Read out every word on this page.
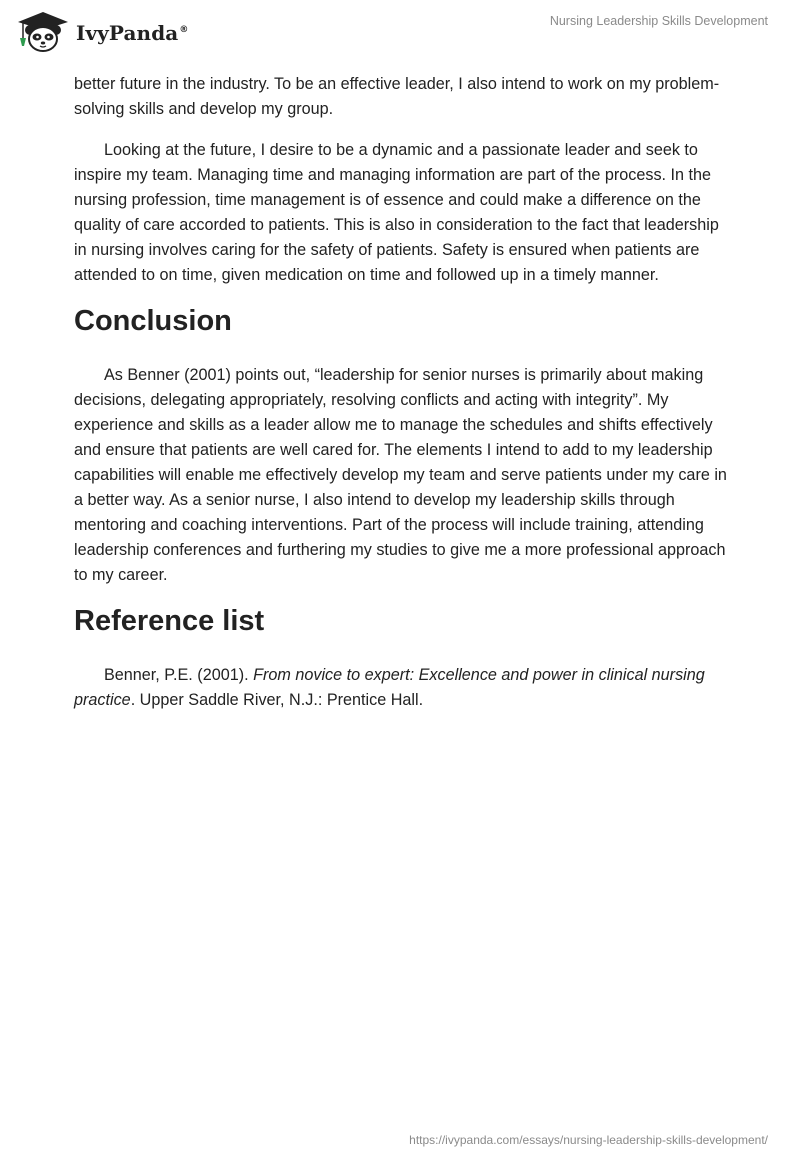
IvyPanda®
Nursing Leadership Skills Development

better future in the industry. To be an effective leader, I also intend to work on my problem-solving skills and develop my group.

Looking at the future, I desire to be a dynamic and a passionate leader and seek to inspire my team. Managing time and managing information are part of the process. In the nursing profession, time management is of essence and could make a difference on the quality of care accorded to patients. This is also in consideration to the fact that leadership in nursing involves caring for the safety of patients. Safety is ensured when patients are attended to on time, given medication on time and followed up in a timely manner.

Conclusion

As Benner (2001) points out, “leadership for senior nurses is primarily about making decisions, delegating appropriately, resolving conflicts and acting with integrity”. My experience and skills as a leader allow me to manage the schedules and shifts effectively and ensure that patients are well cared for. The elements I intend to add to my leadership capabilities will enable me effectively develop my team and serve patients under my care in a better way. As a senior nurse, I also intend to develop my leadership skills through mentoring and coaching interventions. Part of the process will include training, attending leadership conferences and furthering my studies to give me a more professional approach to my career.

Reference list

Benner, P.E. (2001). From novice to expert: Excellence and power in clinical nursing practice. Upper Saddle River, N.J.: Prentice Hall.

https://ivypanda.com/essays/nursing-leadership-skills-development/
